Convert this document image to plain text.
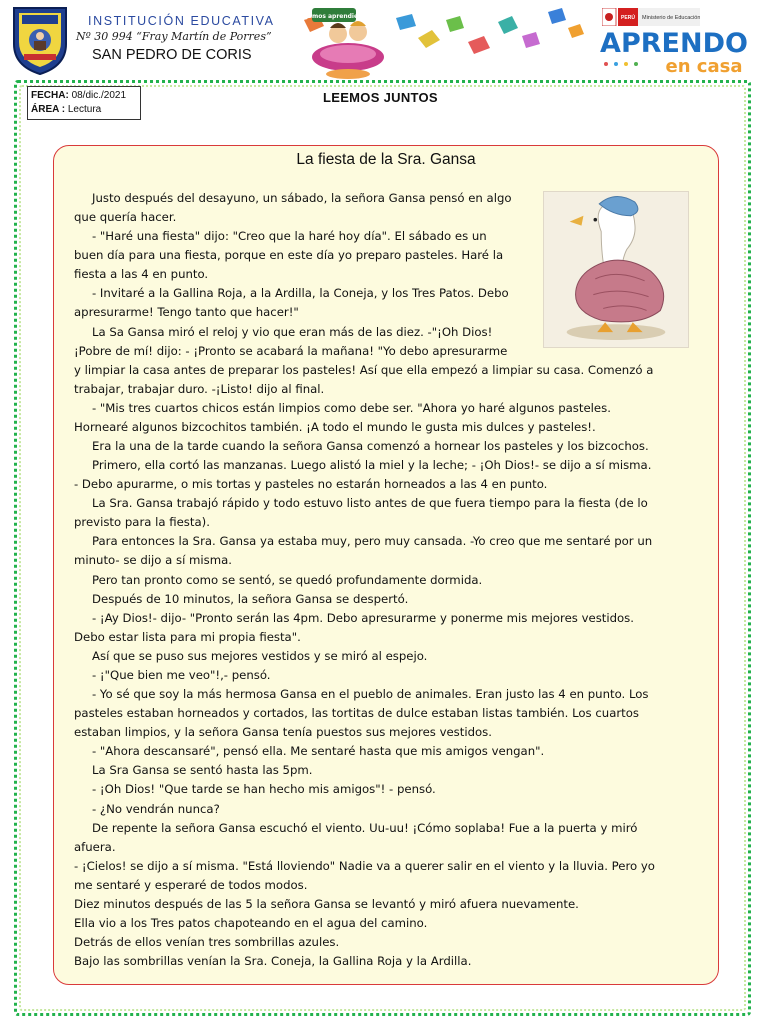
INSTITUCIÓN EDUCATIVA
Nº 30 994 “Fray Martín de Porres”
SAN PEDRO DE CORIS
Sigamos aprendiendo	PERÚ Ministerio de Educación
APRENDO
en casa
FECHA: 08/dic./2021
ÁREA : Lectura
LEEMOS JUNTOS
La fiesta de la Sra. Gansa
Justo después del desayuno, un sábado, la señora Gansa pensó en algo
que quería hacer.
- "Haré una fiesta" dijo: "Creo que la haré hoy día". El sábado es un
buen día para una fiesta, porque en este día yo preparo pasteles. Haré la
fiesta a las 4 en punto.
- Invitaré a la Gallina Roja, a la Ardilla, la Coneja, y los Tres Patos. Debo
apresurarme! Tengo tanto que hacer!"
La Sa Gansa miró el reloj y vio que eran más de las diez. -"¡Oh Dios!
¡Pobre de mí! dijo: - ¡Pronto se acabará la mañana! "Yo debo apresurarme
y limpiar la casa antes de preparar los pasteles! Así que ella empezó a limpiar su casa. Comenzó a
trabajar, trabajar duro. -¡Listo! dijo al final.
- "Mis tres cuartos chicos están limpios como debe ser. "Ahora yo haré algunos pasteles.
Hornearé algunos bizcochitos también. ¡A todo el mundo le gusta mis dulces y pasteles!.
Era la una de la tarde cuando la señora Gansa comenzó a hornear los pasteles y los bizcochos.
Primero, ella cortó las manzanas. Luego alistó la miel y la leche; - ¡Oh Dios!- se dijo a sí misma.
- Debo apurarme, o mis tortas y pasteles no estarán horneados a las 4 en punto.
La Sra. Gansa trabajó rápido y todo estuvo listo antes de que fuera tiempo para la fiesta (de lo
previsto para la fiesta).
Para entonces la Sra. Gansa ya estaba muy, pero muy cansada. -Yo creo que me sentaré por un
minuto- se dijo a sí misma.
Pero tan pronto como se sentó, se quedó profundamente dormida.
Después de 10 minutos, la señora Gansa se despertó.
- ¡Ay Dios!- dijo- "Pronto serán las 4pm. Debo apresurarme y ponerme mis mejores vestidos.
Debo estar lista para mi propia fiesta".
Así que se puso sus mejores vestidos y se miró al espejo.
- ¡"Que bien me veo"!,- pensó.
- Yo sé que soy la más hermosa Gansa en el pueblo de animales. Eran justo las 4 en punto. Los
pasteles estaban horneados y cortados, las tortitas de dulce estaban listas también. Los cuartos
estaban limpios, y la señora Gansa tenía puestos sus mejores vestidos.
- "Ahora descansaré", pensó ella. Me sentaré hasta que mis amigos vengan".
La Sra Gansa se sentó hasta las 5pm.
- ¡Oh Dios! "Que tarde se han hecho mis amigos"! - pensó.
- ¿No vendrán nunca?
De repente la señora Gansa escuchó el viento. Uu-uu! ¡Cómo soplaba! Fue a la puerta y miró
afuera.
- ¡Cielos! se dijo a sí misma. "Está lloviendo" Nadie va a querer salir en el viento y la lluvia. Pero yo
me sentaré y esperaré de todos modos.
Diez minutos después de las 5 la señora Gansa se levantó y miró afuera nuevamente.
Ella vio a los Tres patos chapoteando en el agua del camino.
Detrás de ellos venían tres sombrillas azules.
Bajo las sombrillas venían la Sra. Coneja, la Gallina Roja y la Ardilla.
